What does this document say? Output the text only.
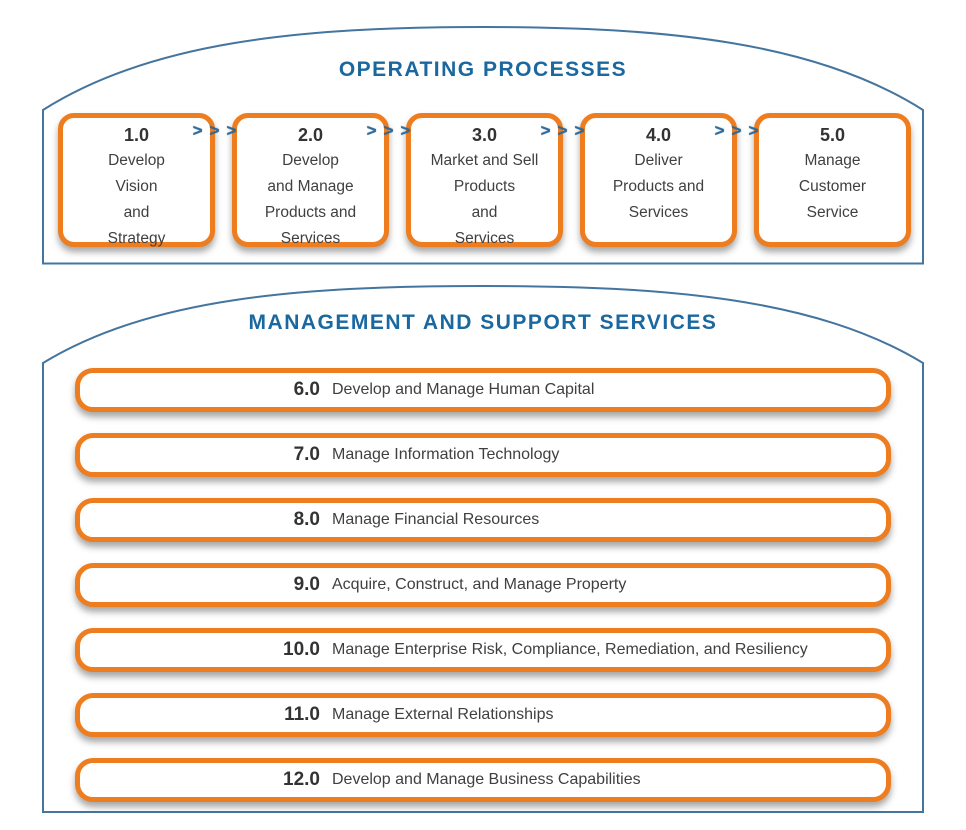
OPERATING PROCESSES
MANAGEMENT AND SUPPORT SERVICES
1.0
Develop
Vision
and
Strategy
>>>	2.0
Develop
and Manage
Products and
Services
>>>	3.0
Market and Sell
Products
and
Services
>>>	4.0
Deliver
Products and
Services
>>>	5.0
Manage
Customer
Service
6.0 Develop and Manage Human Capital
7.0 Manage Information Technology
8.0 Manage Financial Resources
9.0 Acquire, Construct, and Manage Property
10.0 Manage Enterprise Risk, Compliance, Remediation, and Resiliency
11.0 Manage External Relationships
12.0 Develop and Manage Business Capabilities
